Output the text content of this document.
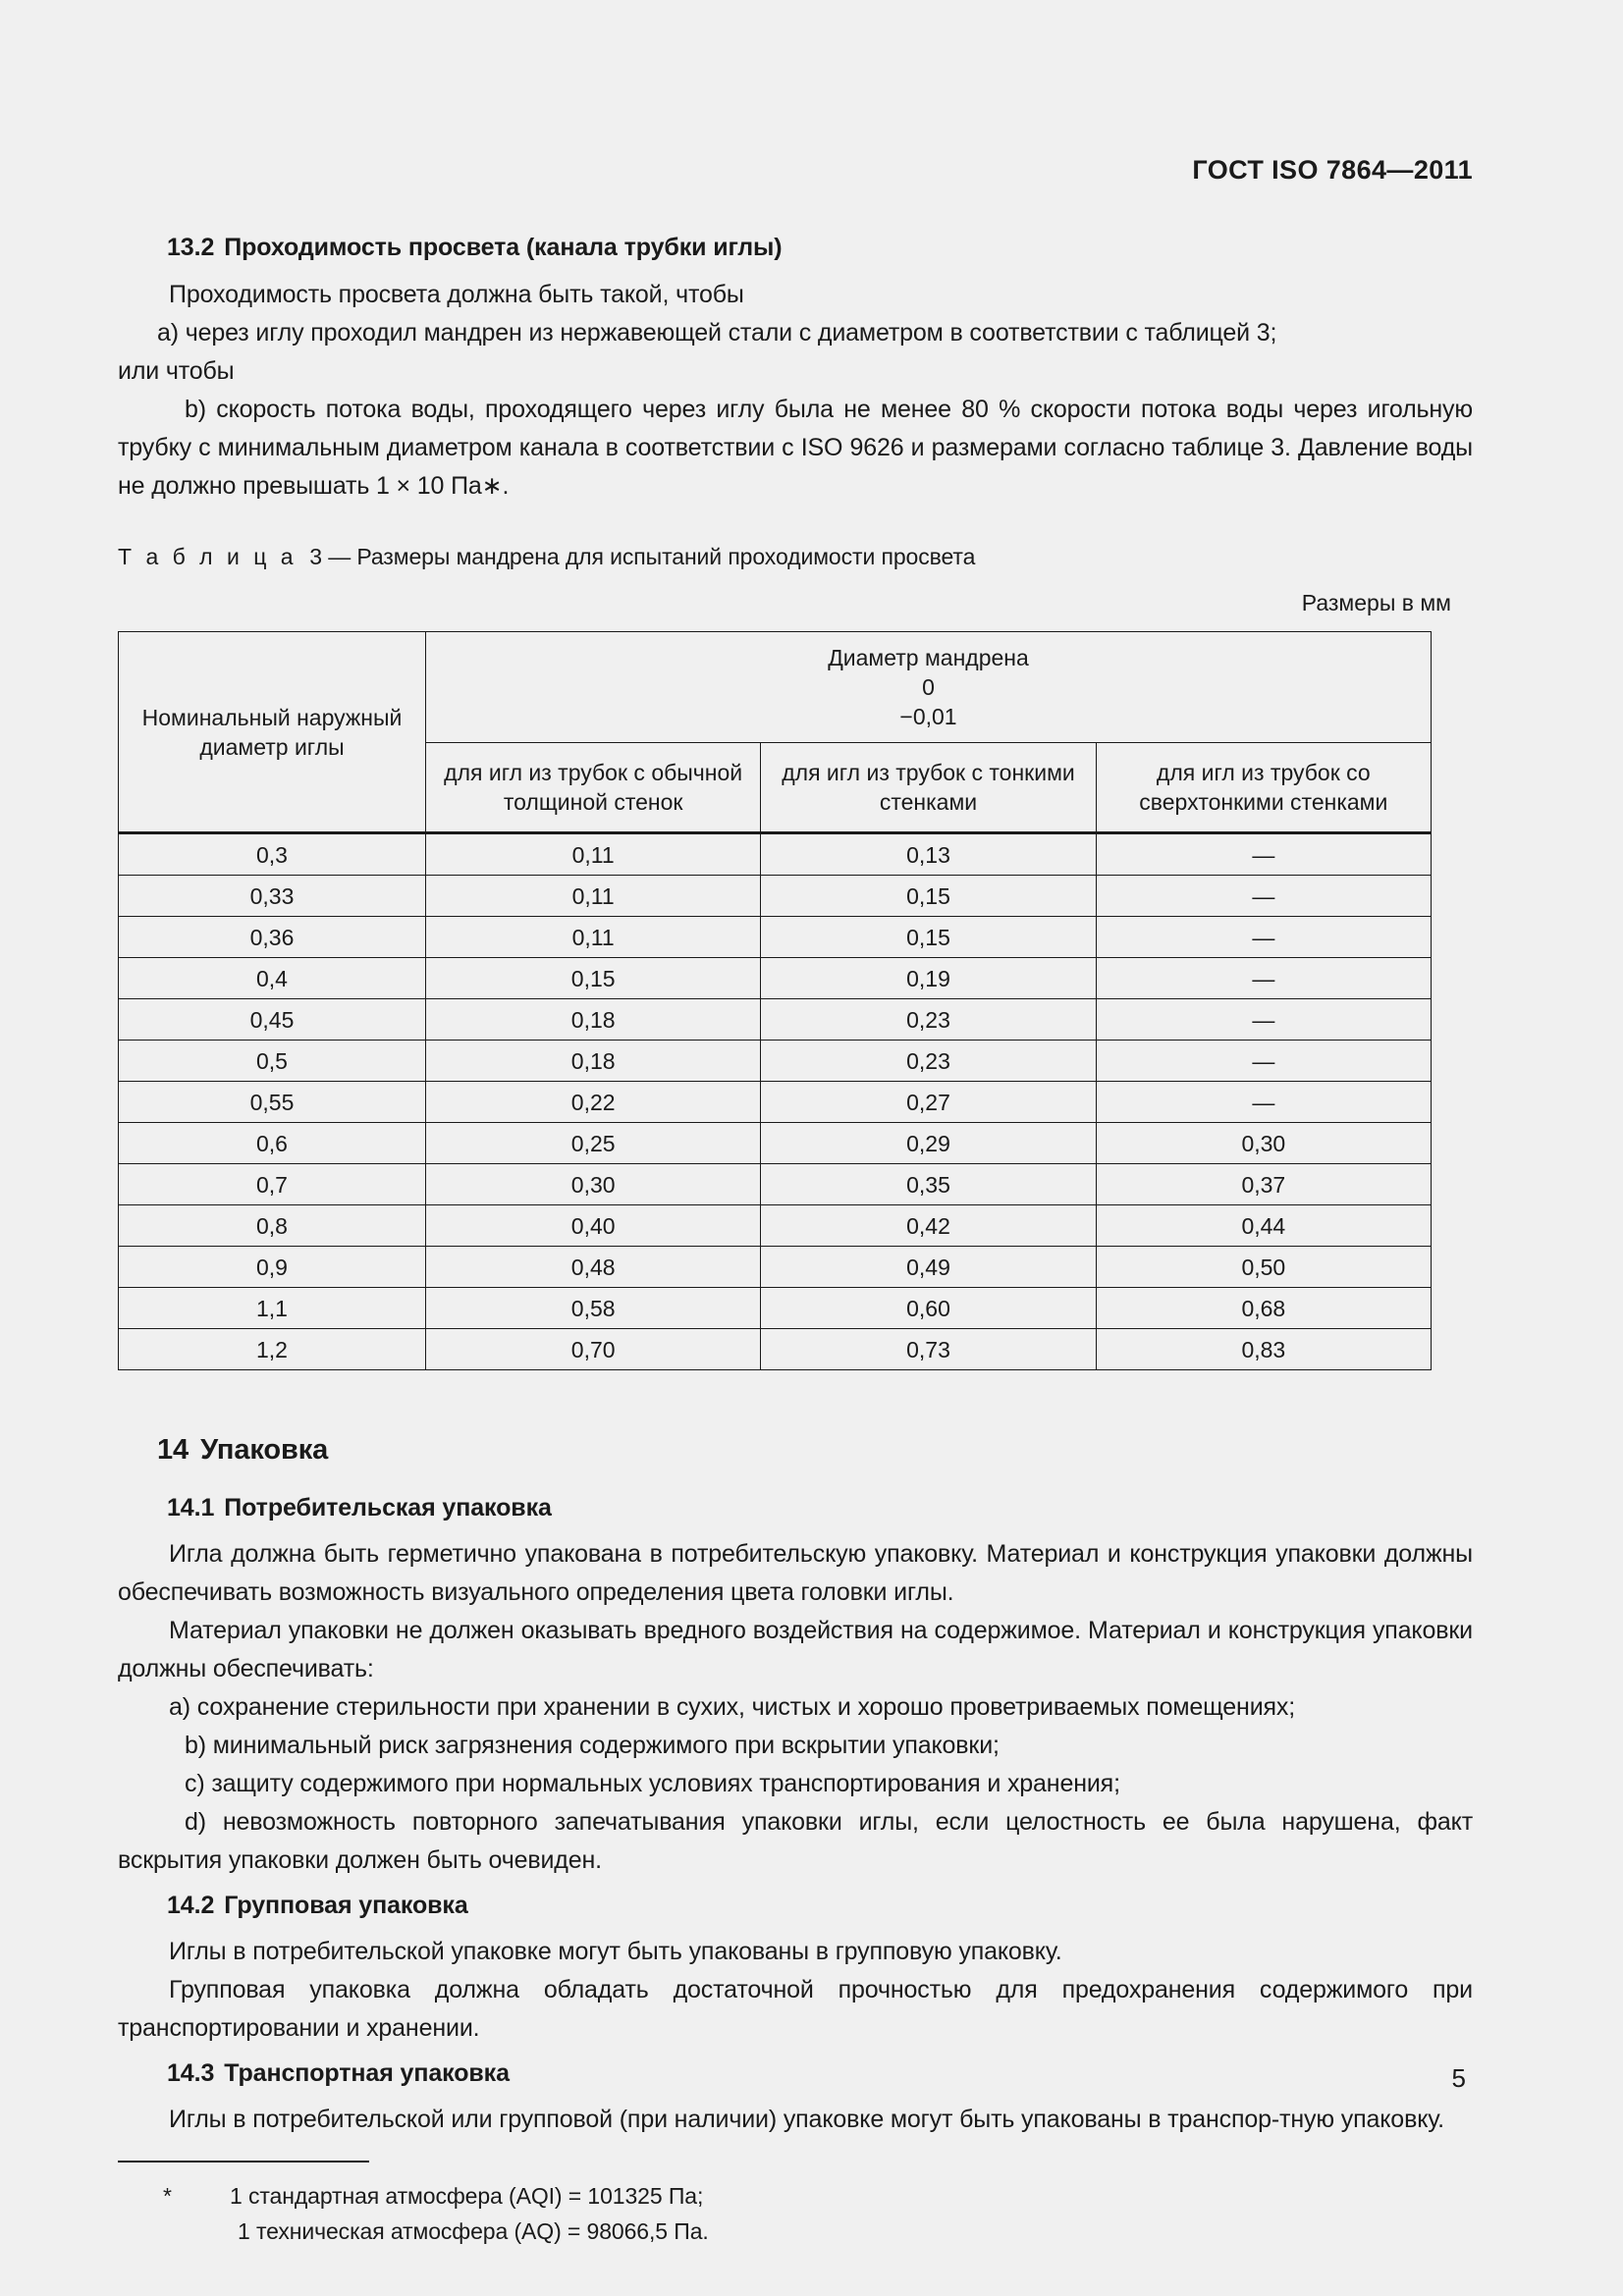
ГОСТ ISO 7864—2011
13.2 Проходимость просвета (канала трубки иглы)

Проходимость просвета должна быть такой, чтобы

a) через иглу проходил мандрен из нержавеющей стали с диаметром в соответствии с таблицей 3;

или чтобы

b) скорость потока воды, проходящего через иглу была не менее 80 % скорости потока воды через игольную трубку с минимальным диаметром канала в соответствии с ISO 9626 и размерами согласно таблице 3. Давление воды не должно превышать 1 × 10 Па∗.

Т а б л и ц а 3 — Размеры мандрена для испытаний проходимости просвета

Размеры в мм

Номинальный наружный диаметр иглы	Диаметр мандрена
0
−0,01		

	для игл из трубок с обычной толщиной стенок	для игл из трубок с тонкими стенками	для игл из трубок со сверхтонкими стенками
0,3	0,11	0,13	—
0,33	0,11	0,15	—
0,36	0,11	0,15	—
0,4	0,15	0,19	—
0,45	0,18	0,23	—
0,5	0,18	0,23	—
0,55	0,22	0,27	—
0,6	0,25	0,29	0,30
0,7	0,30	0,35	0,37
0,8	0,40	0,42	0,44
0,9	0,48	0,49	0,50
1,1	0,58	0,60	0,68
1,2	0,70	0,73	0,83
14 Упаковка
14.1 Потребительская упаковка

Игла должна быть герметично упакована в потребительскую упаковку. Материал и конструкция упаковки должны обеспечивать возможность визуального определения цвета головки иглы.

Материал упаковки не должен оказывать вредного воздействия на содержимое. Материал и конструкция упаковки должны обеспечивать:

a) сохранение стерильности при хранении в сухих, чистых и хорошо проветриваемых помещениях;

b) минимальный риск загрязнения содержимого при вскрытии упаковки;

c) защиту содержимого при нормальных условиях транспортирования и хранения;

d) невозможность повторного запечатывания упаковки иглы, если целостность ее была нарушена, факт вскрытия упаковки должен быть очевиден.

14.2 Групповая упаковка

Иглы в потребительской упаковке могут быть упакованы в групповую упаковку.

Групповая упаковка должна обладать достаточной прочностью для предохранения содержимого при транспортировании и хранении.

14.3 Транспортная упаковка

Иглы в потребительской или групповой (при наличии) упаковке могут быть упакованы в транспор-тную упаковку.

*	1 стандартная атмосфера (AQI) = 101325 Па;

1 техническая атмосфера (AQ) = 98066,5 Па.

5
